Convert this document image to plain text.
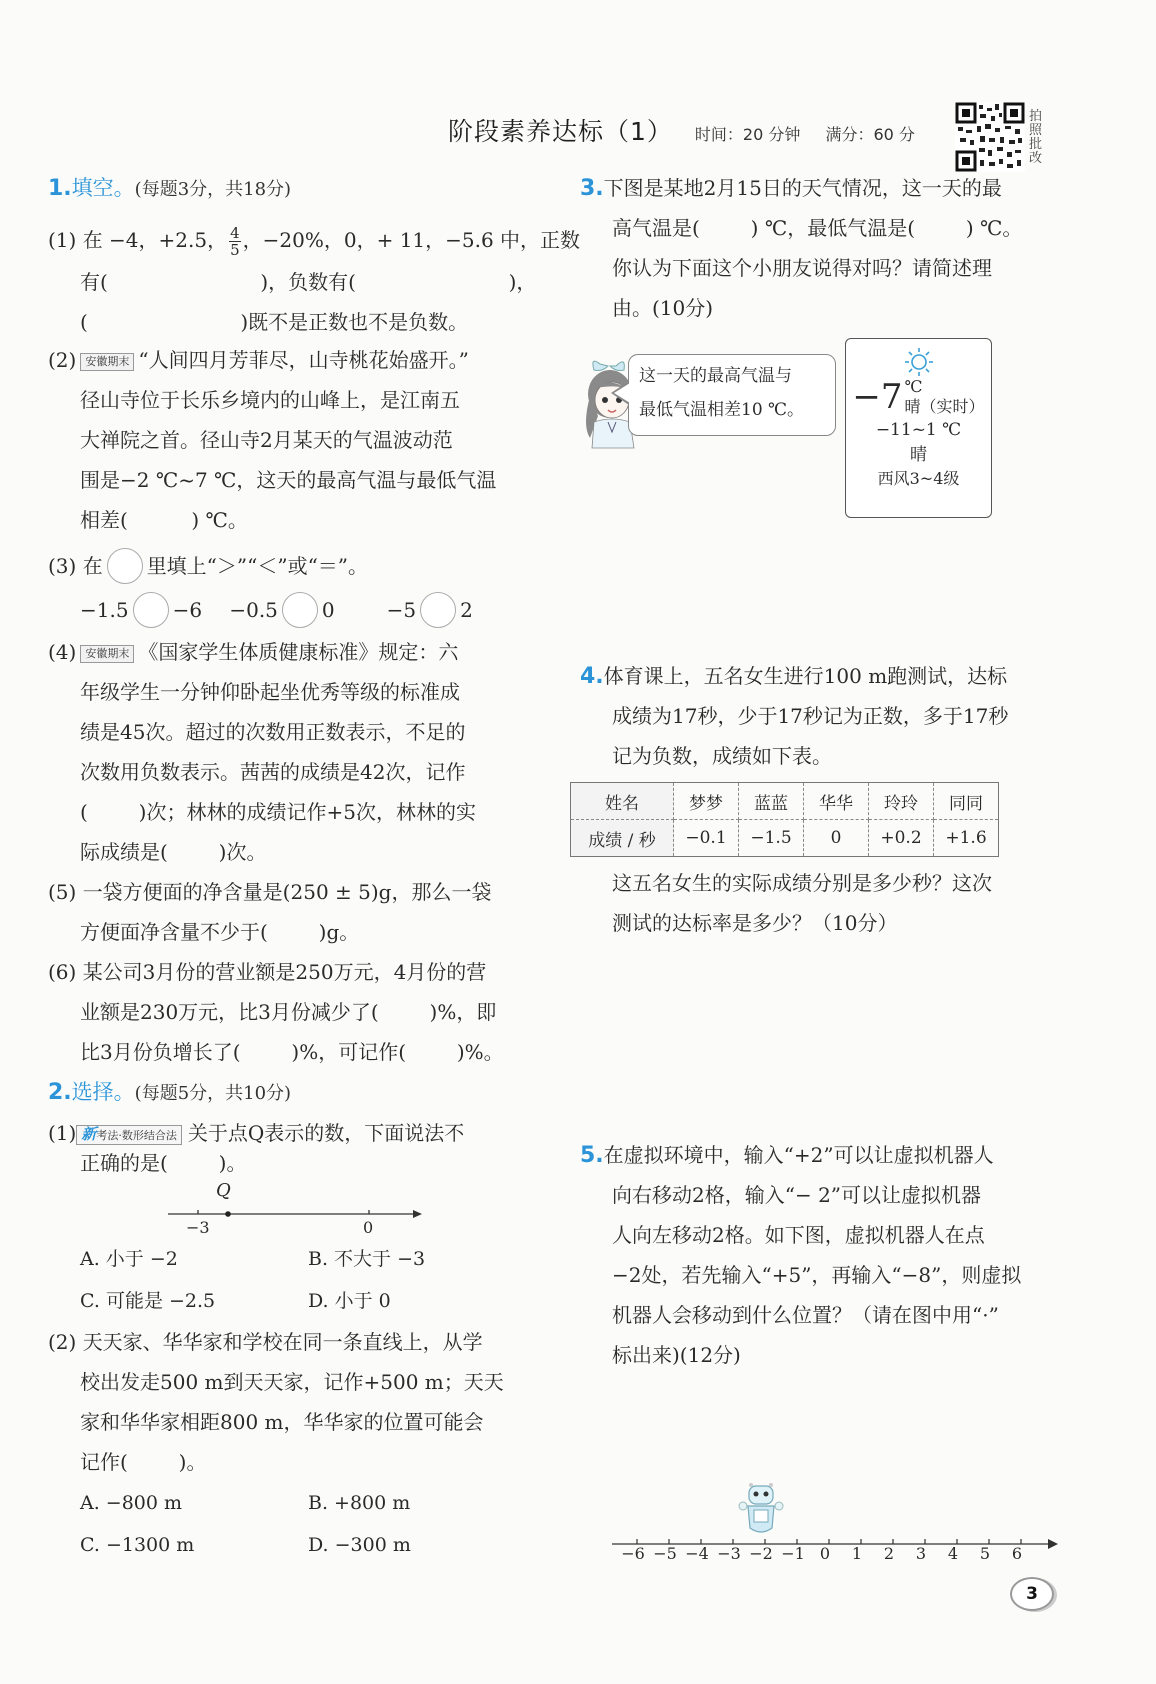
阶段素养达标（1） 时间：20 分钟 满分：60 分
拍照批改
1.填空。(每题3分，共18分)
(1) 在 −4，+2.5， $\frac{4}{5}$ ，−20%，0，+ 11，−5.6 中，正数
有(                        )，负数有(                        )，
(                        )既不是正数也不是负数。
(2) 安徽期末 “人间四月芳菲尽，山寺桃花始盛开。”
径山寺位于长乐乡境内的山峰上，是江南五
大禅院之首。径山寺2月某天的气温波动范
围是−2 ℃~7 ℃，这天的最高气温与最低气温
相差(          ) ℃。
(3) 在 里填上“＞”“＜”或“＝”。
−1.5 −6 −0.5 0	−5 2
(4) 安徽期末 《国家学生体质健康标准》规定：六
年级学生一分钟仰卧起坐优秀等级的标准成
绩是45次。超过的次数用正数表示，不足的
次数用负数表示。茜茜的成绩是42次，记作
(        )次；林林的成绩记作+5次，林林的实
际成绩是(        )次。
(5) 一袋方便面的净含量是(250 ± 5)g，那么一袋
方便面净含量不少于(        )g。
(6) 某公司3月份的营业额是250万元，4月份的营
业额是230万元，比3月份减少了(        )%，即
比3月份负增长了(        )%，可记作(        )%。
2.选择。(每题5分，共10分)
(1) 新考法·数形结合法 关于点Q表示的数，下面说法不
正确的是(        )。
Q
−3	0
A. 小于 −2	B. 不大于 −3
C. 可能是 −2.5	D. 小于 0
(2) 天天家、华华家和学校在同一条直线上，从学
校出发走500 m到天天家，记作+500 m；天天
家和华华家相距800 m，华华家的位置可能会
记作(        )。
A. −800 m	B. +800 m
C. −1300 m	D. −300 m
3.下图是某地2月15日的天气情况，这一天的最
高气温是(        ) ℃，最低气温是(        ) ℃。
你认为下面这个小朋友说得对吗？请简述理
由。(10分)
这一天的最高气温与
最低气温相差10 ℃。	−7 ℃
晴（实时）
−11~1 ℃
晴
西风3~4级
4.体育课上，五名女生进行100 m跑测试，达标
成绩为17秒，少于17秒记为正数，多于17秒
记为负数，成绩如下表。
姓名	梦梦	蓝蓝	华华	玲玲	同同
成绩 / 秒	−0.1	−1.5	0	+0.2	+1.6
这五名女生的实际成绩分别是多少秒？这次
测试的达标率是多少？（10分）
5.在虚拟环境中，输入“+2”可以让虚拟机器人
向右移动2格，输入“− 2”可以让虚拟机器
人向左移动2格。如下图，虚拟机器人在点
−2处，若先输入“+5”，再输入“−8”，则虚拟
机器人会移动到什么位置？（请在图中用“·”
标出来)(12分)
−6 −5 −4 −3 −2 −1 0	1	2	3	4	5	6
3
